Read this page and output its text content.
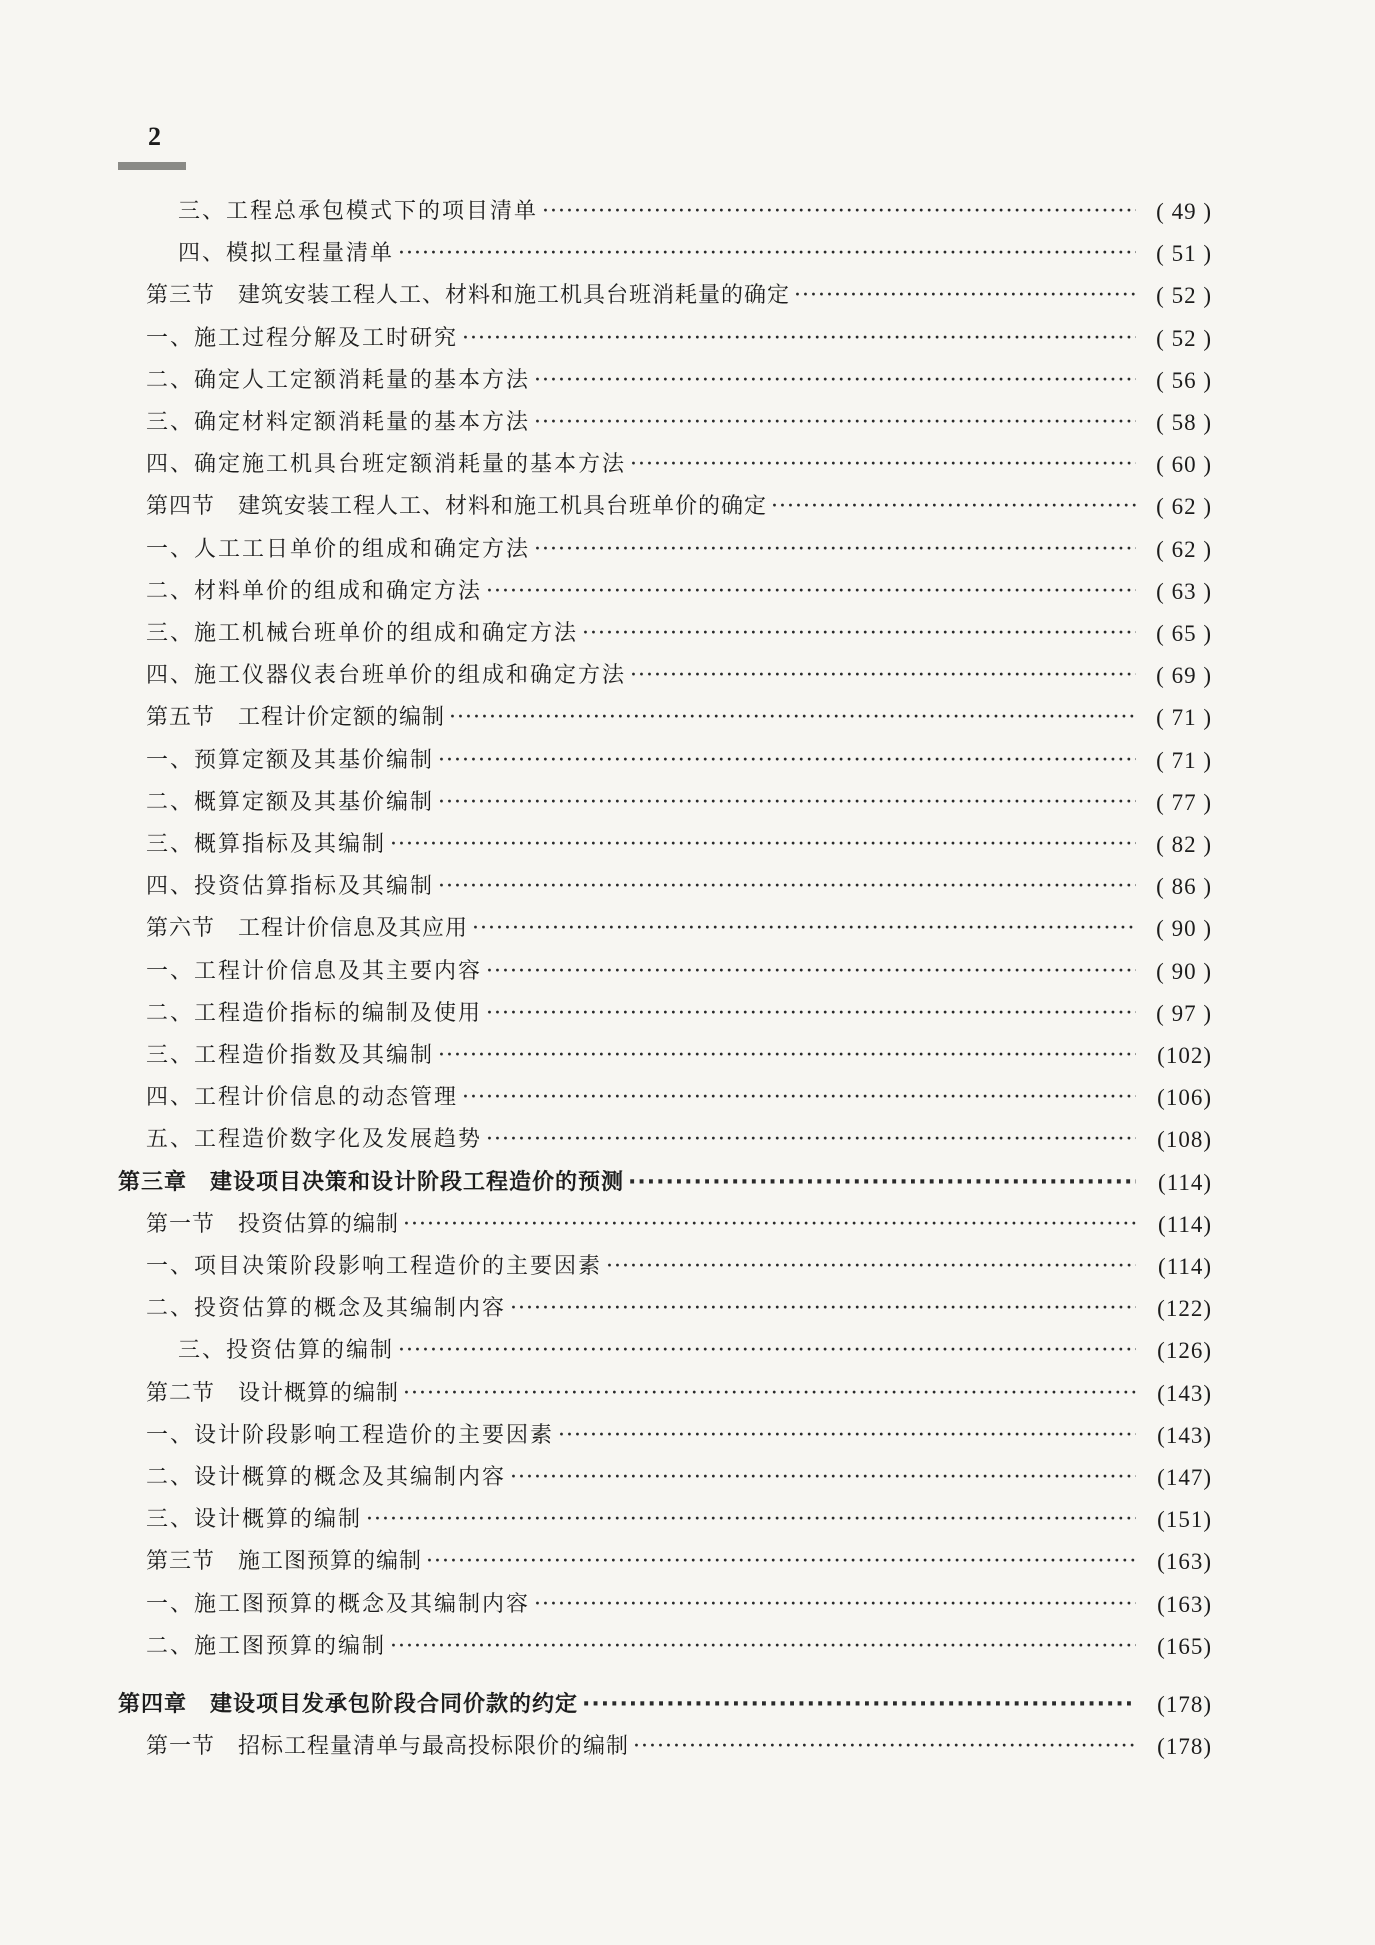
2
三、工程总承包模式下的项目清单 ·····	( 49 )
四、模拟工程量清单 ·····	( 51 )
第三节　建筑安装工程人工、材料和施工机具台班消耗量的确定 ·····	( 52 )
一、施工过程分解及工时研究 ·····	( 52 )
二、确定人工定额消耗量的基本方法 ·····	( 56 )
三、确定材料定额消耗量的基本方法 ·····	( 58 )
四、确定施工机具台班定额消耗量的基本方法 ·····	( 60 )
第四节　建筑安装工程人工、材料和施工机具台班单价的确定 ·····	( 62 )
一、人工工日单价的组成和确定方法 ·····	( 62 )
二、材料单价的组成和确定方法 ·····	( 63 )
三、施工机械台班单价的组成和确定方法 ·····	( 65 )
四、施工仪器仪表台班单价的组成和确定方法 ·····	( 69 )
第五节　工程计价定额的编制 ·····	( 71 )
一、预算定额及其基价编制 ·····	( 71 )
二、概算定额及其基价编制 ·····	( 77 )
三、概算指标及其编制 ·····	( 82 )
四、投资估算指标及其编制 ·····	( 86 )
第六节　工程计价信息及其应用 ·····	( 90 )
一、工程计价信息及其主要内容 ·····	( 90 )
二、工程造价指标的编制及使用 ·····	( 97 )
三、工程造价指数及其编制 ·····	(102)
四、工程计价信息的动态管理 ·····	(106)
五、工程造价数字化及发展趋势 ·····	(108)
第三章　建设项目决策和设计阶段工程造价的预测 ·····	(114)
第一节　投资估算的编制 ·····	(114)
一、项目决策阶段影响工程造价的主要因素 ·····	(114)
二、投资估算的概念及其编制内容 ·····	(122)
三、投资估算的编制 ·····	(126)
第二节　设计概算的编制 ·····	(143)
一、设计阶段影响工程造价的主要因素 ·····	(143)
二、设计概算的概念及其编制内容 ·····	(147)
三、设计概算的编制 ·····	(151)
第三节　施工图预算的编制 ·····	(163)
一、施工图预算的概念及其编制内容 ·····	(163)
二、施工图预算的编制 ·····	(165)
第四章　建设项目发承包阶段合同价款的约定 ·····	(178)
第一节　招标工程量清单与最高投标限价的编制 ·····	(178)
